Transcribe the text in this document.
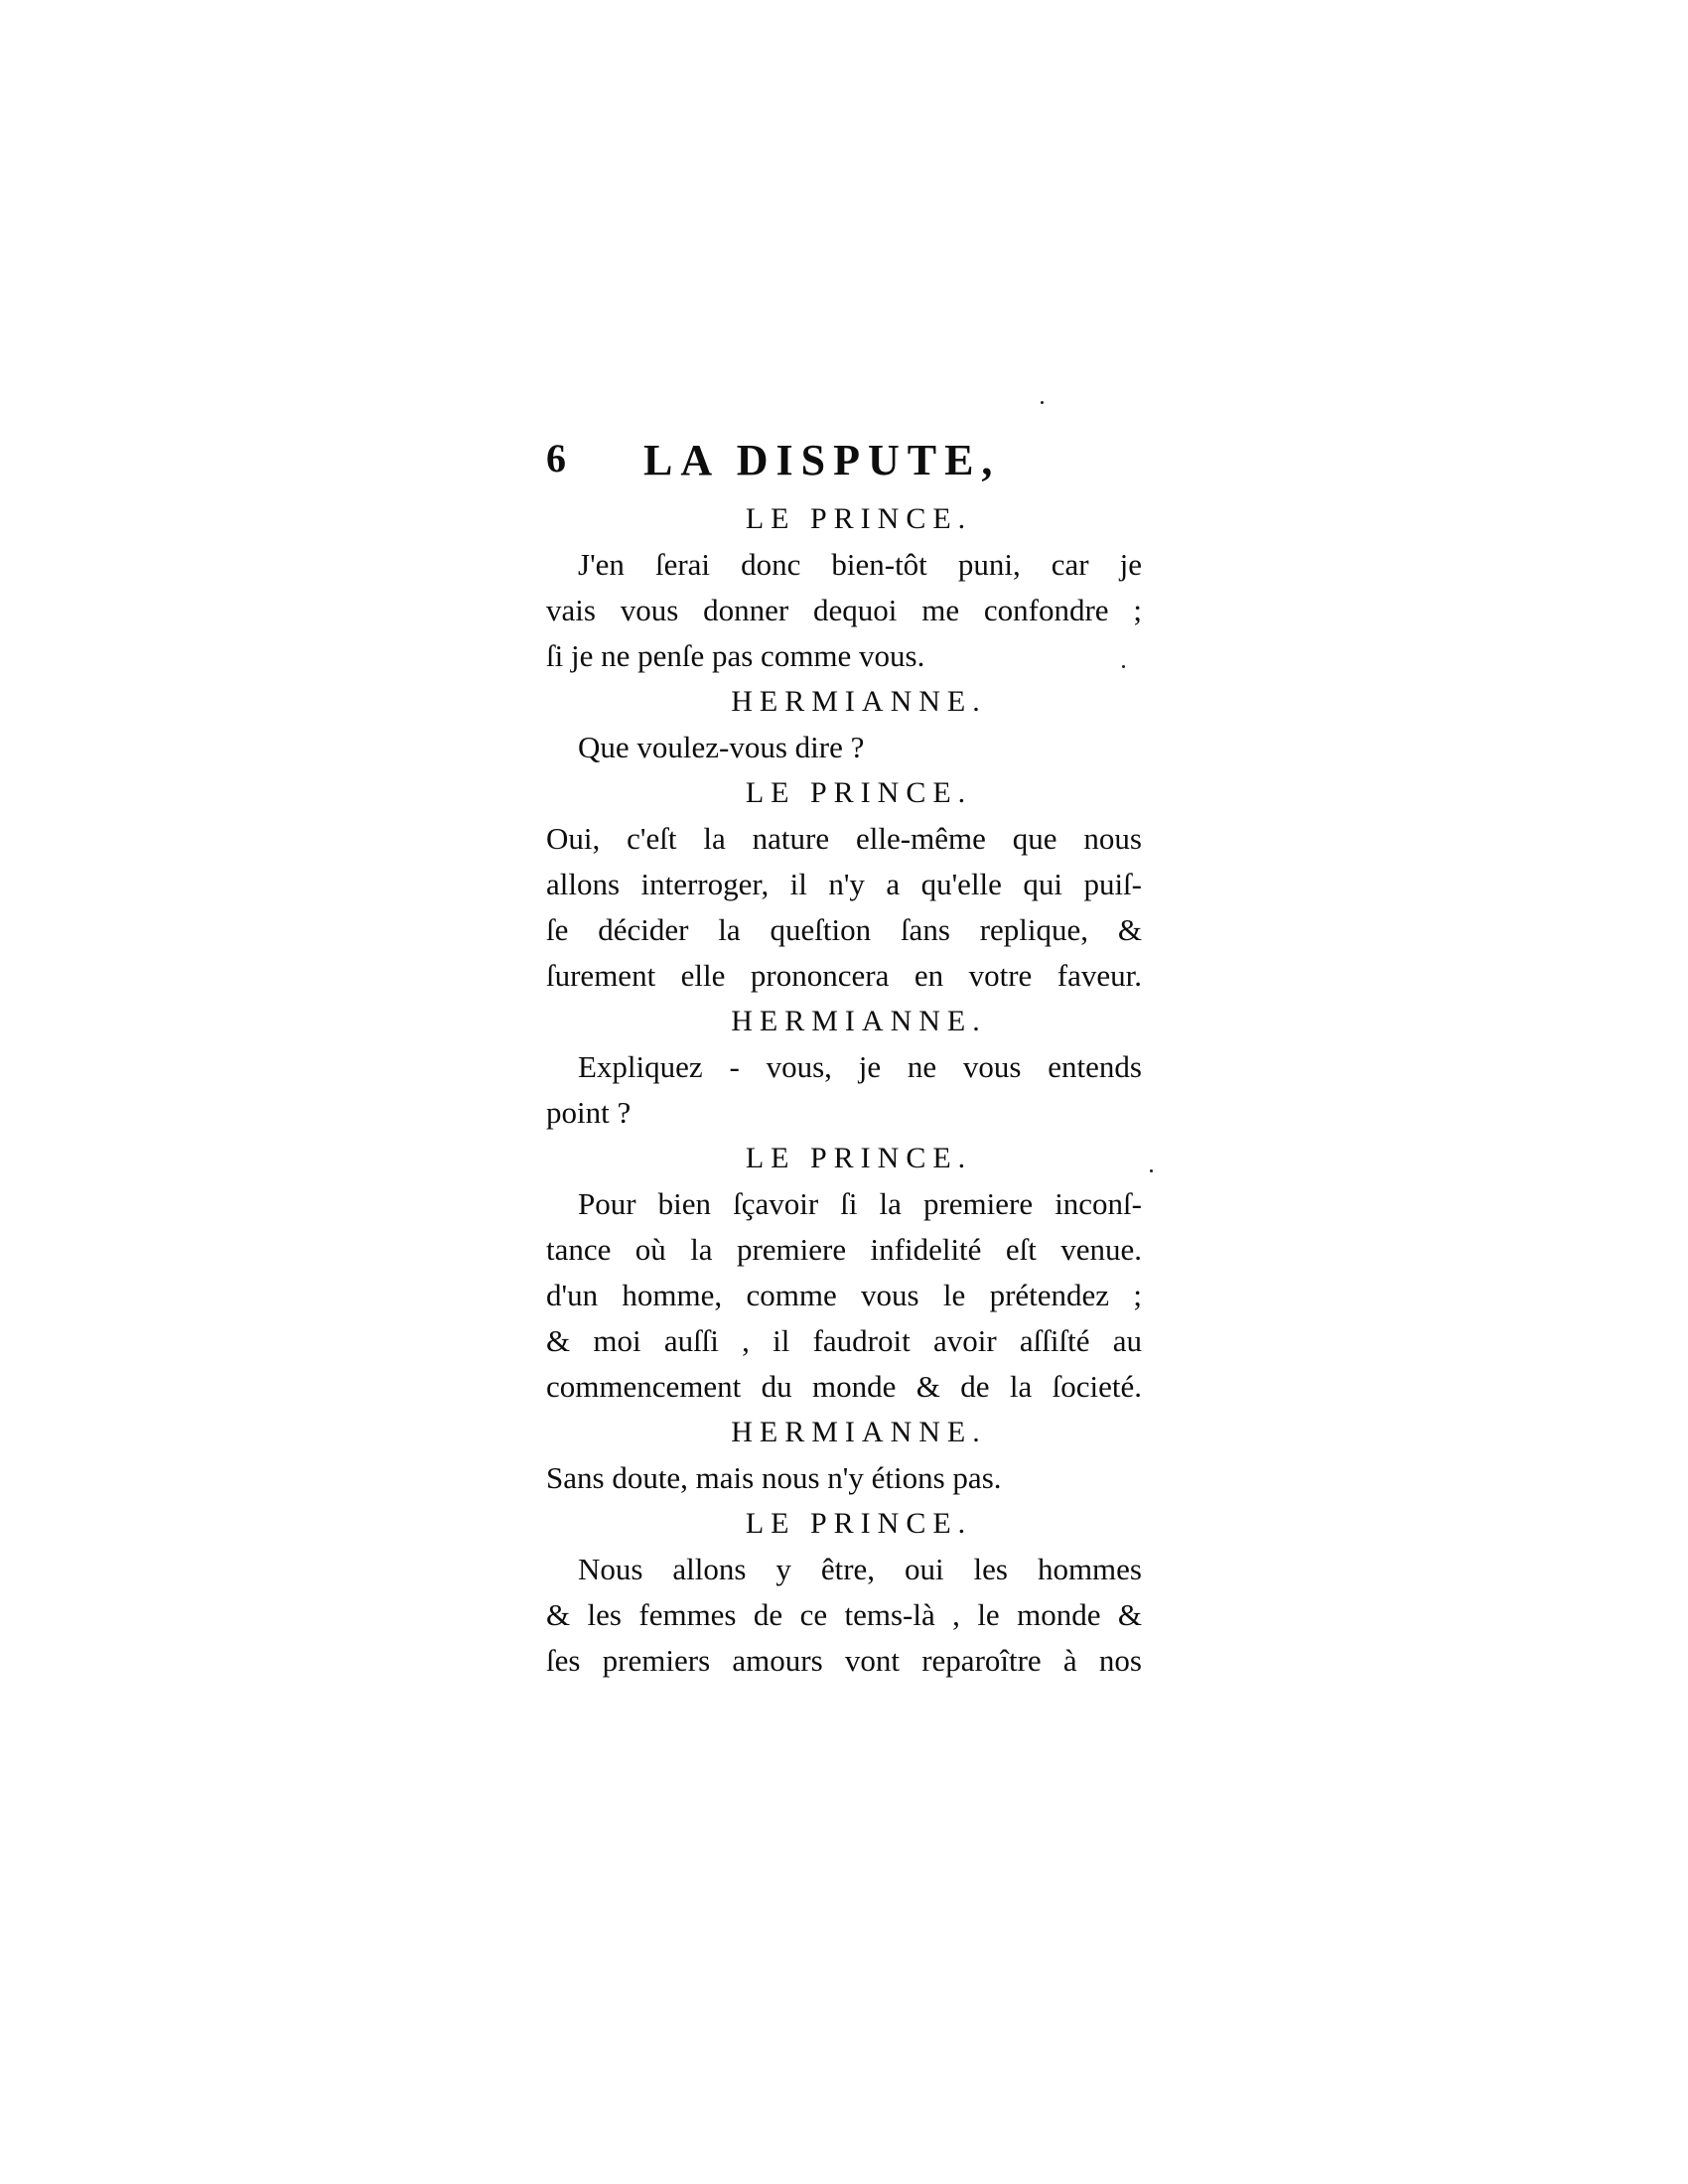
6 LA DISPUTE,
LE PRINCE.
J'en ſerai donc bien-tôt puni, car je
vais vous donner dequoi me confondre ;
ſi je ne penſe pas comme vous.
HERMIANNE.
Que voulez-vous dire ?
LE PRINCE.
Oui, c'eſt la nature elle-même que nous
allons interroger, il n'y a qu'elle qui puiſ-
ſe décider la queſtion ſans replique, &
ſurement elle prononcera en votre faveur.
HERMIANNE.
Expliquez - vous, je ne vous entends
point ?
LE PRINCE.
Pour bien ſçavoir ſi la premiere inconſ-
tance où la premiere infidelité eſt venue.
d'un homme, comme vous le prétendez ;
& moi auſſi , il faudroit avoir aſſiſté au
commencement du monde & de la ſocieté.
HERMIANNE.
Sans doute, mais nous n'y étions pas.
LE PRINCE.
Nous allons y être, oui les hommes
& les femmes de ce tems-là , le monde &
ſes premiers amours vont reparoître à nos
